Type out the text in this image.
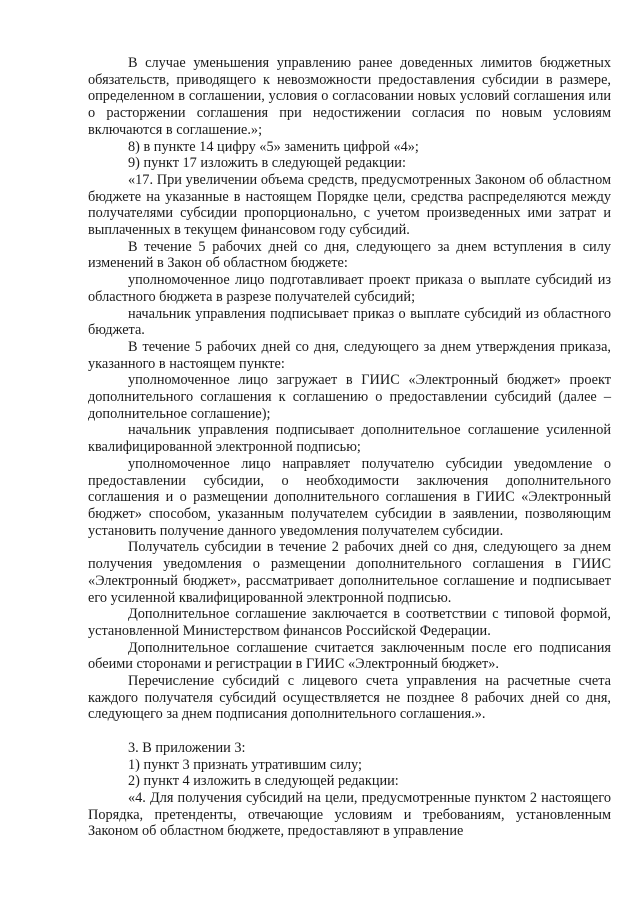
В случае уменьшения управлению ранее доведенных лимитов бюджетных обязательств, приводящего к невозможности предоставления субсидии в размере, определенном в соглашении, условия о согласовании новых условий соглашения или о расторжении соглашения при недостижении согласия по новым условиям включаются в соглашение.»;

8) в пункте 14 цифру «5» заменить цифрой «4»;

9) пункт 17 изложить в следующей редакции:

«17. При увеличении объема средств, предусмотренных Законом об областном бюджете на указанные в настоящем Порядке цели, средства распределяются между получателями субсидии пропорционально, с учетом произведенных ими затрат и выплаченных в текущем финансовом году субсидий.

В течение 5 рабочих дней со дня, следующего за днем вступления в силу изменений в Закон об областном бюджете:

уполномоченное лицо подготавливает проект приказа о выплате субсидий из областного бюджета в разрезе получателей субсидий;

начальник управления подписывает приказ о выплате субсидий из областного бюджета.

В течение 5 рабочих дней со дня, следующего за днем утверждения приказа, указанного в настоящем пункте:

уполномоченное лицо загружает в ГИИС «Электронный бюджет» проект дополнительного соглашения к соглашению о предоставлении субсидий (далее – дополнительное соглашение);

начальник управления подписывает дополнительное соглашение усиленной квалифицированной электронной подписью;

уполномоченное лицо направляет получателю субсидии уведомление о предоставлении субсидии, о необходимости заключения дополнительного соглашения и о размещении дополнительного соглашения в ГИИС «Электронный бюджет» способом, указанным получателем субсидии в заявлении, позволяющим установить получение данного уведомления получателем субсидии.

Получатель субсидии в течение 2 рабочих дней со дня, следующего за днем получения уведомления о размещении дополнительного соглашения в ГИИС «Электронный бюджет», рассматривает дополнительное соглашение и подписывает его усиленной квалифицированной электронной подписью.

Дополнительное соглашение заключается в соответствии с типовой формой, установленной Министерством финансов Российской Федерации.

Дополнительное соглашение считается заключенным после его подписания обеими сторонами и регистрации в ГИИС «Электронный бюджет».

Перечисление субсидий с лицевого счета управления на расчетные счета каждого получателя субсидий осуществляется не позднее 8 рабочих дней со дня, следующего за днем подписания дополнительного соглашения.».

3. В приложении 3:

1) пункт 3 признать утратившим силу;

2) пункт 4 изложить в следующей редакции:

«4. Для получения субсидий на цели, предусмотренные пунктом 2 настоящего Порядка, претенденты, отвечающие условиям и требованиям, установленным Законом об областном бюджете, предоставляют в управление
